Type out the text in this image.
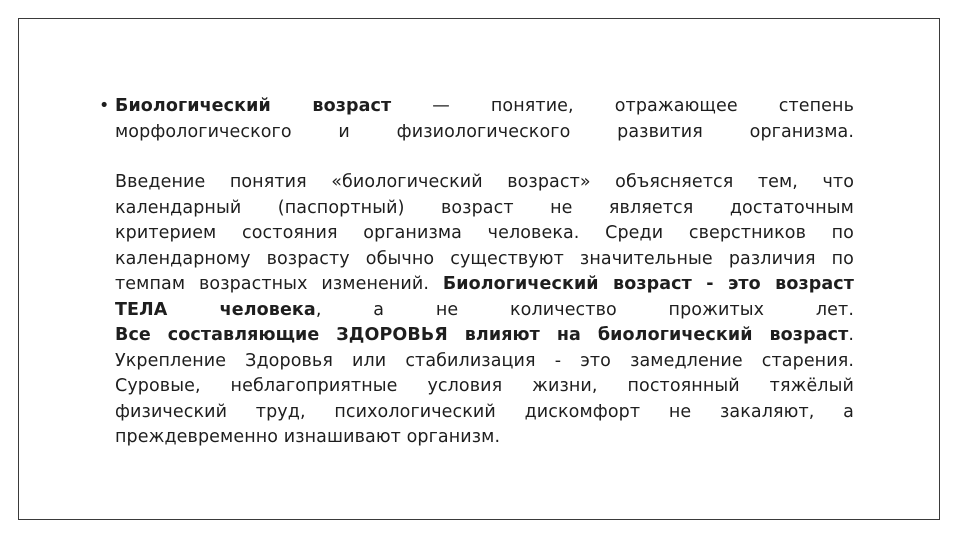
• Биологический возраст — понятие, отражающее степень
морфологического и физиологического развития организма.
Введение понятия «биологический возраст» объясняется тем, что
календарный (паспортный) возраст не является достаточным
критерием состояния организма человека. Среди сверстников по
календарному возрасту обычно существуют значительные различия по
темпам возрастных изменений. Биологический возраст - это возраст
ТЕЛА человека, а не количество прожитых лет.
Все составляющие ЗДОРОВЬЯ влияют на биологический возраст.
Укрепление Здоровья или стабилизация - это замедление старения.
Суровые, неблагоприятные условия жизни, постоянный тяжёлый
физический труд, психологический дискомфорт не закаляют, а
преждевременно изнашивают организм.
